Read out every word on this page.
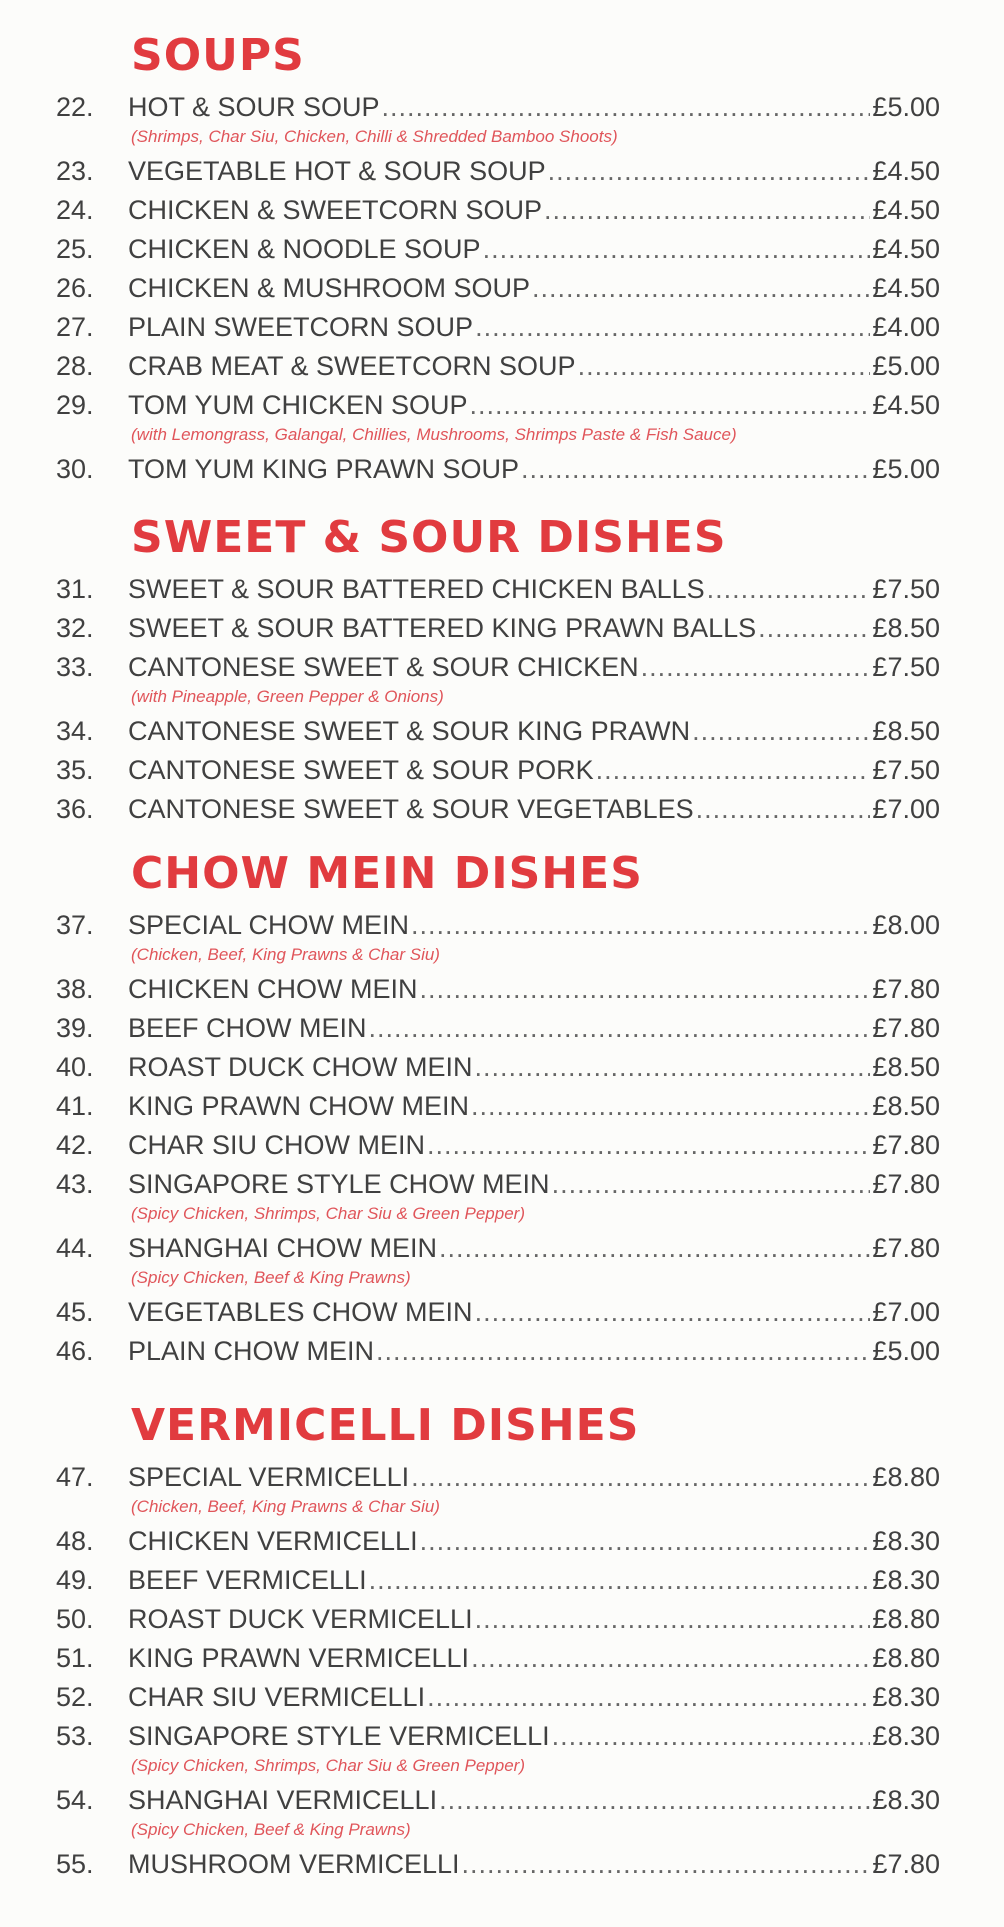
SOUPS
22.	HOT & SOUR SOUP .....	£5.00
(Shrimps, Char Siu, Chicken, Chilli & Shredded Bamboo Shoots)
23.	VEGETABLE HOT & SOUR SOUP .....	£4.50
24.	CHICKEN & SWEETCORN SOUP .....	£4.50
25.	CHICKEN & NOODLE SOUP .....	£4.50
26.	CHICKEN & MUSHROOM SOUP .....	£4.50
27.	PLAIN SWEETCORN SOUP .....	£4.00
28.	CRAB MEAT & SWEETCORN SOUP .....	£5.00
29.	TOM YUM CHICKEN SOUP .....	£4.50
(with Lemongrass, Galangal, Chillies, Mushrooms, Shrimps Paste & Fish Sauce)
30.	TOM YUM KING PRAWN SOUP .....	£5.00
SWEET & SOUR DISHES
31.	SWEET & SOUR BATTERED CHICKEN BALLS .....	£7.50
32.	SWEET & SOUR BATTERED KING PRAWN BALLS .....	£8.50
33.	CANTONESE SWEET & SOUR CHICKEN .....	£7.50
(with Pineapple, Green Pepper & Onions)
34.	CANTONESE SWEET & SOUR KING PRAWN .....	£8.50
35.	CANTONESE SWEET & SOUR PORK .....	£7.50
36.	CANTONESE SWEET & SOUR VEGETABLES .....	£7.00
CHOW MEIN DISHES
37.	SPECIAL CHOW MEIN .....	£8.00
(Chicken, Beef, King Prawns & Char Siu)
38.	CHICKEN CHOW MEIN .....	£7.80
39.	BEEF CHOW MEIN .....	£7.80
40.	ROAST DUCK CHOW MEIN .....	£8.50
41.	KING PRAWN CHOW MEIN .....	£8.50
42.	CHAR SIU CHOW MEIN .....	£7.80
43.	SINGAPORE STYLE CHOW MEIN .....	£7.80
(Spicy Chicken, Shrimps, Char Siu & Green Pepper)
44.	SHANGHAI CHOW MEIN .....	£7.80
(Spicy Chicken, Beef & King Prawns)
45.	VEGETABLES CHOW MEIN .....	£7.00
46.	PLAIN CHOW MEIN .....	£5.00
VERMICELLI DISHES
47.	SPECIAL VERMICELLI .....	£8.80
(Chicken, Beef, King Prawns & Char Siu)
48.	CHICKEN VERMICELLI .....	£8.30
49.	BEEF VERMICELLI .....	£8.30
50.	ROAST DUCK VERMICELLI .....	£8.80
51.	KING PRAWN VERMICELLI .....	£8.80
52.	CHAR SIU VERMICELLI .....	£8.30
53.	SINGAPORE STYLE VERMICELLI .....	£8.30
(Spicy Chicken, Shrimps, Char Siu & Green Pepper)
54.	SHANGHAI VERMICELLI .....	£8.30
(Spicy Chicken, Beef & King Prawns)
55.	MUSHROOM VERMICELLI .....	£7.80
